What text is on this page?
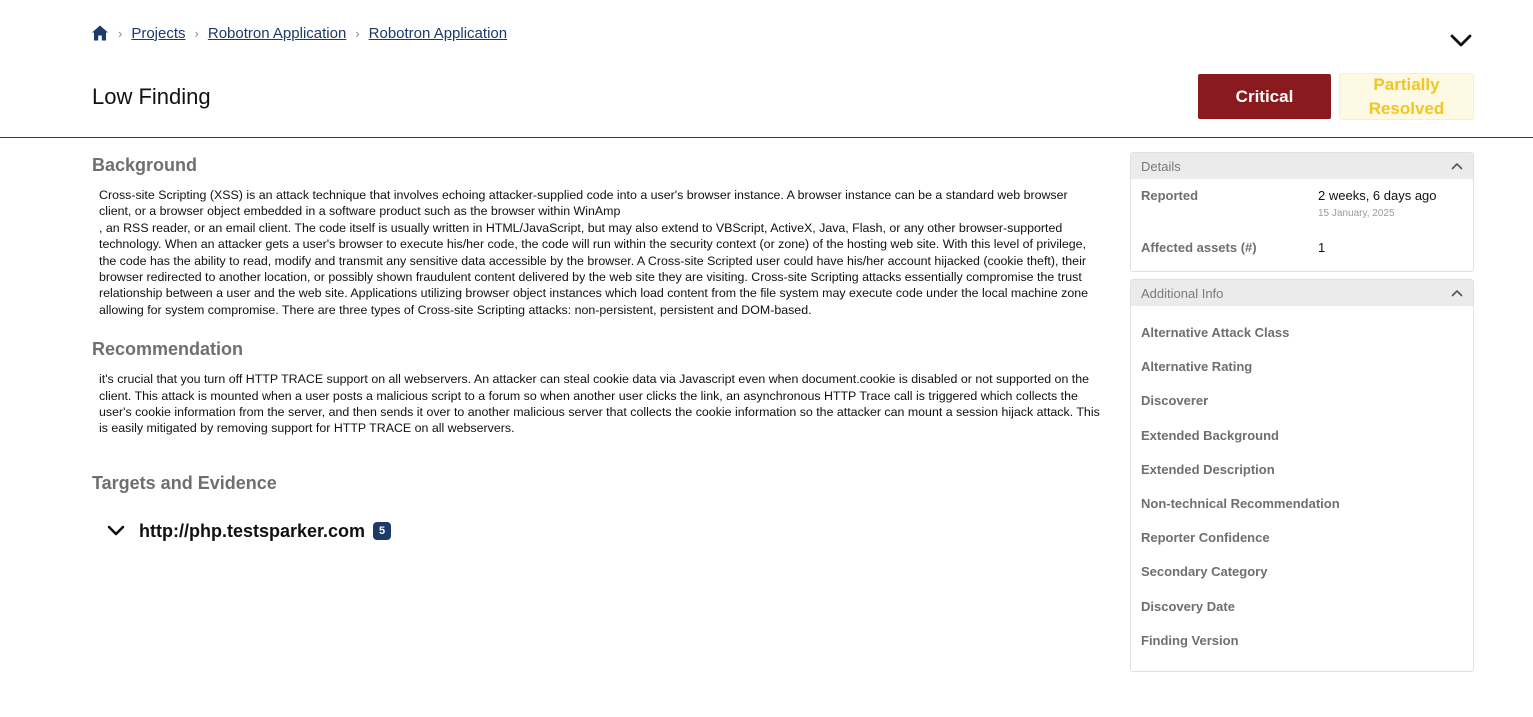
› Projects › Robotron Application › Robotron Application
Low Finding	Critical
Partially Resolved
Background

Cross-site Scripting (XSS) is an attack technique that involves echoing attacker-supplied code into a user's browser instance. A browser instance can be a standard web browser client, or a browser object embedded in a software product such as the browser within WinAmp
, an RSS reader, or an email client. The code itself is usually written in HTML/JavaScript, but may also extend to VBScript, ActiveX, Java, Flash, or any other browser-supported technology. When an attacker gets a user's browser to execute his/her code, the code will run within the security context (or zone) of the hosting web site. With this level of privilege, the code has the ability to read, modify and transmit any sensitive data accessible by the browser. A Cross-site Scripted user could have his/her account hijacked (cookie theft), their browser redirected to another location, or possibly shown fraudulent content delivered by the web site they are visiting. Cross-site Scripting attacks essentially compromise the trust relationship between a user and the web site. Applications utilizing browser object instances which load content from the file system may execute code under the local machine zone allowing for system compromise. There are three types of Cross-site Scripting attacks: non-persistent, persistent and DOM-based.

Recommendation

it's crucial that you turn off HTTP TRACE support on all webservers. An attacker can steal cookie data via Javascript even when document.cookie is disabled or not supported on the client. This attack is mounted when a user posts a malicious script to a forum so when another user clicks the link, an asynchronous HTTP Trace call is triggered which collects the user's cookie information from the server, and then sends it over to another malicious server that collects the cookie information so the attacker can mount a session hijack attack. This is easily mitigated by removing support for HTTP TRACE on all webservers.

Targets and Evidence
http://php.testsparker.com	5
Details
Reported	2 weeks, 6 days ago
15 January, 2025
Affected assets (#)	1
Additional Info
Alternative Attack Class
Alternative Rating
Discoverer
Extended Background
Extended Description
Non-technical Recommendation
Reporter Confidence
Secondary Category
Discovery Date
Finding Version
